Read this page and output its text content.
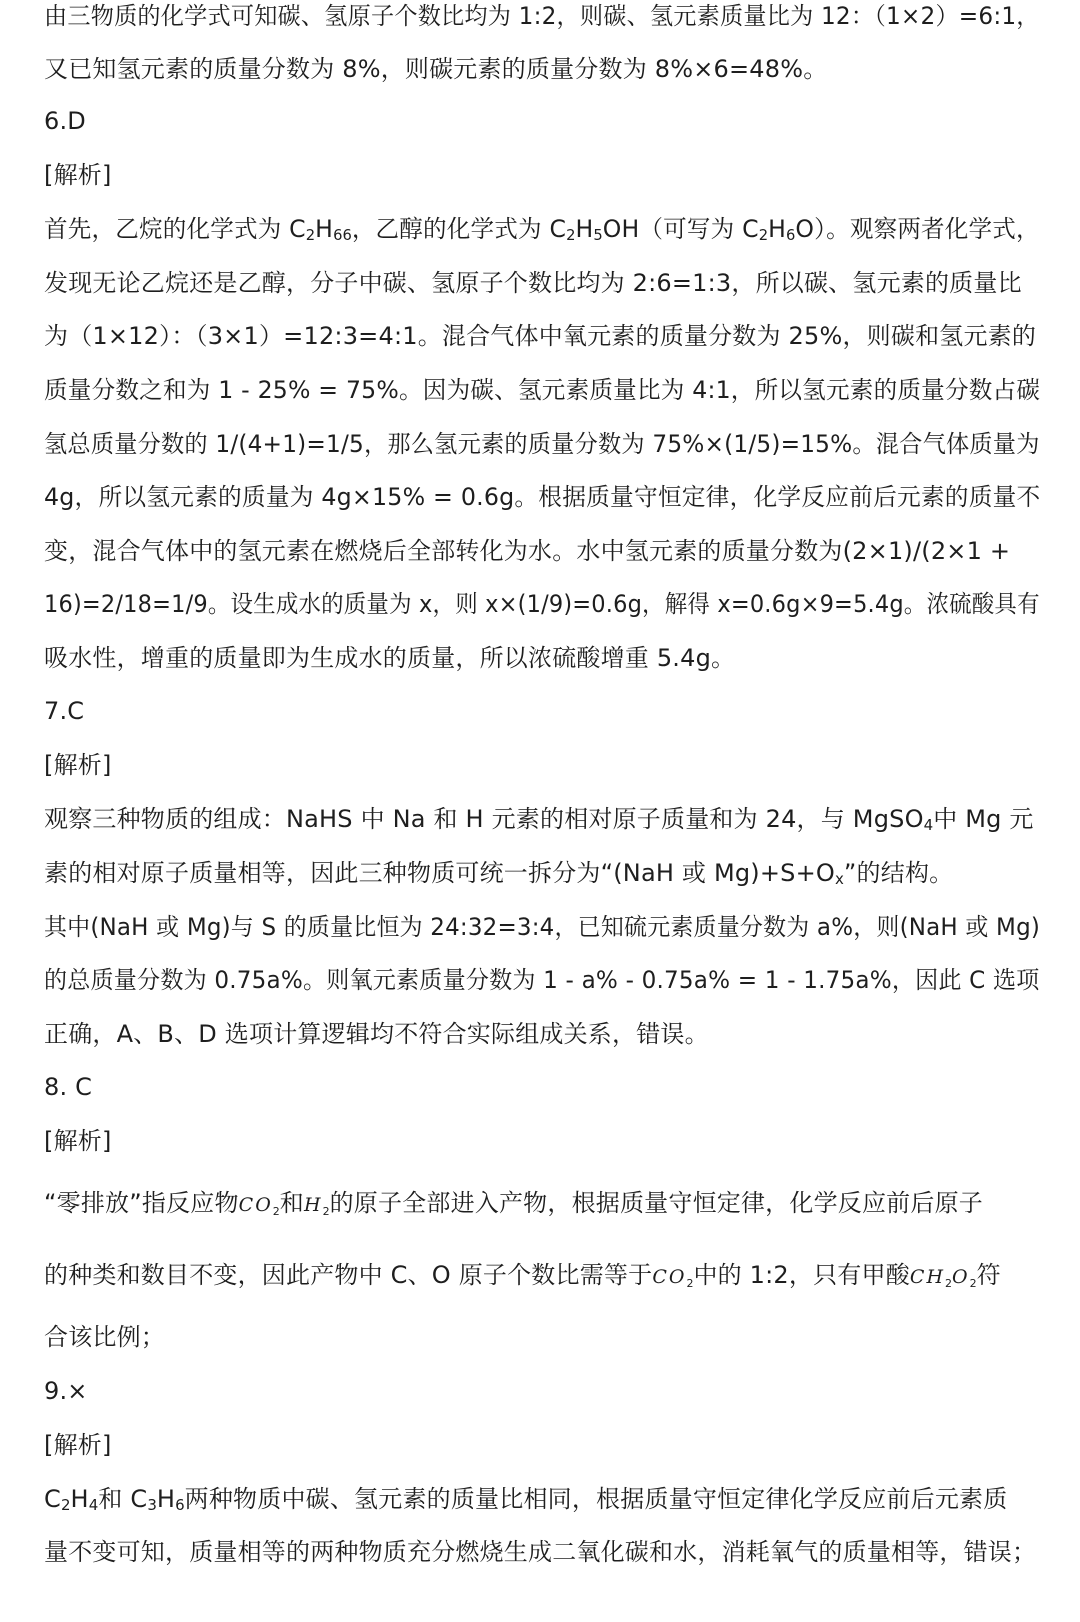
由三物质的化学式可知碳、氢原子个数比均为 1:2，则碳、氢元素质量比为 12：（1×2）=6:1，
又已知氢元素的质量分数为 8%，则碳元素的质量分数为 8%×6=48%。
6.D
[解析]
首先，乙烷的化学式为 $C_2H_{66}$，乙醇的化学式为 $C_2H_5OH$（可写为 $C_2H_6O$）。观察两者化学式，
发现无论乙烷还是乙醇，分子中碳、氢原子个数比均为 2:6=1:3，所以碳、氢元素的质量比
为（1×12）：（3×1）=12:3=4:1。混合气体中氧元素的质量分数为 25%，则碳和氢元素的
质量分数之和为 1 - 25% = 75%。因为碳、氢元素质量比为 4:1，所以氢元素的质量分数占碳
氢总质量分数的 1/(4+1)=1/5，那么氢元素的质量分数为 75%×(1/5)=15%。混合气体质量为
4g，所以氢元素的质量为 4g×15% = 0.6g。根据质量守恒定律，化学反应前后元素的质量不
变，混合气体中的氢元素在燃烧后全部转化为水。水中氢元素的质量分数为(2×1)/(2×1 +
16)=2/18=1/9。设生成水的质量为 x，则 x×(1/9)=0.6g，解得 x=0.6g×9=5.4g。浓硫酸具有
吸水性，增重的质量即为生成水的质量，所以浓硫酸增重 5.4g。
7.C
[解析]
观察三种物质的组成：NaHS 中 Na 和 H 元素的相对原子质量和为 24，与 MgSO$_4$中 Mg 元
素的相对原子质量相等，因此三种物质可统一拆分为“(NaH 或 $Mg)+S+O_x$”的结构。
其中(NaH 或 Mg)与 S 的质量比恒为 24:32=3:4，已知硫元素质量分数为 a%，则(NaH 或 Mg)
的总质量分数为 0.75a%。则氧元素质量分数为 1 - a% - 0.75a% = 1 - 1.75a%，因此 C 选项
正确，A、B、D 选项计算逻辑均不符合实际组成关系，错误。
8. C
[解析]
“零排放”指反应物CO2和H2的原子全部进入产物，根据质量守恒定律，化学反应前后原子
的种类和数目不变，因此产物中 C、O 原子个数比需等于CO2中的 1:2，只有甲酸CH2O2符
合该比例；
9.×
[解析]
$C_2H_4$和 $C_3H_6$两种物质中碳、氢元素的质量比相同，根据质量守恒定律化学反应前后元素质
量不变可知，质量相等的两种物质充分燃烧生成二氧化碳和水，消耗氧气的质量相等，错误；
